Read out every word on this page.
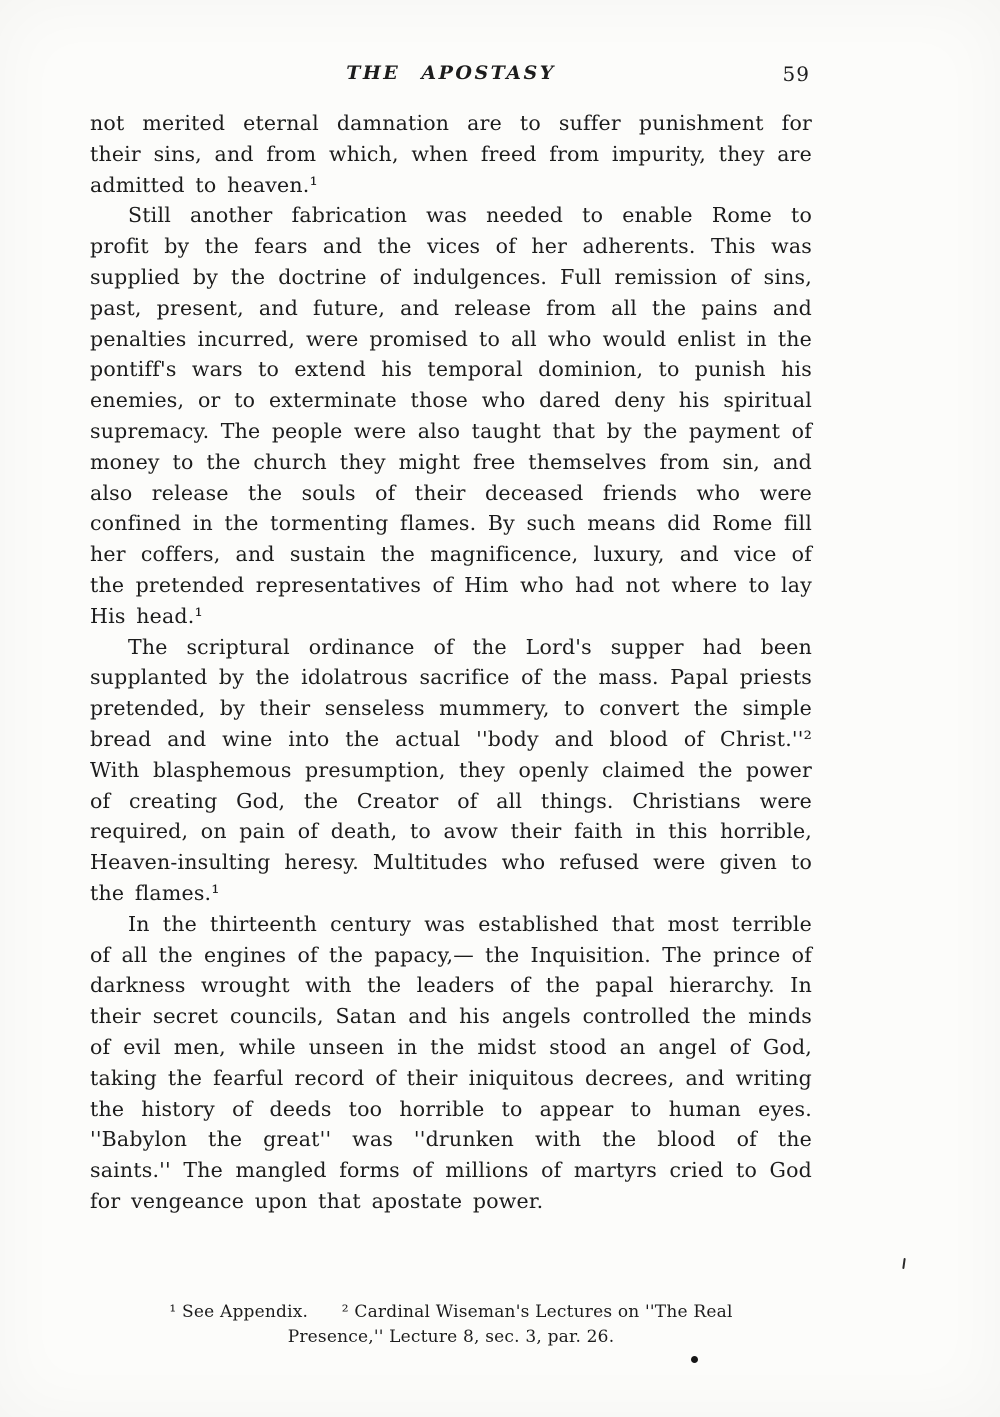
THE APOSTASY	59

not merited eternal damnation are to suffer punishment for their sins, and from which, when freed from impurity, they are admitted to heaven.¹

Still another fabrication was needed to enable Rome to profit by the fears and the vices of her adherents. This was supplied by the doctrine of indulgences. Full remission of sins, past, present, and future, and release from all the pains and penalties incurred, were promised to all who would enlist in the pontiff's wars to extend his temporal dominion, to punish his enemies, or to exterminate those who dared deny his spiritual supremacy. The people were also taught that by the payment of money to the church they might free themselves from sin, and also release the souls of their deceased friends who were confined in the tormenting flames. By such means did Rome fill her coffers, and sustain the magnificence, luxury, and vice of the pretended representatives of Him who had not where to lay His head.¹

The scriptural ordinance of the Lord's supper had been supplanted by the idolatrous sacrifice of the mass. Papal priests pretended, by their senseless mummery, to convert the simple bread and wine into the actual ''body and blood of Christ.''² With blasphemous presumption, they openly claimed the power of creating God, the Creator of all things. Christians were required, on pain of death, to avow their faith in this horrible, Heaven-insulting heresy. Multitudes who refused were given to the flames.¹

In the thirteenth century was established that most terrible of all the engines of the papacy,— the Inquisition. The prince of darkness wrought with the leaders of the papal hierarchy. In their secret councils, Satan and his angels controlled the minds of evil men, while unseen in the midst stood an angel of God, taking the fearful record of their iniquitous decrees, and writing the history of deeds too horrible to appear to human eyes. ''Babylon the great'' was ''drunken with the blood of the saints.'' The mangled forms of millions of martyrs cried to God for vengeance upon that apostate power.

¹ See Appendix.      ² Cardinal Wiseman's Lectures on ''The Real
Presence,'' Lecture 8, sec. 3, par. 26.
